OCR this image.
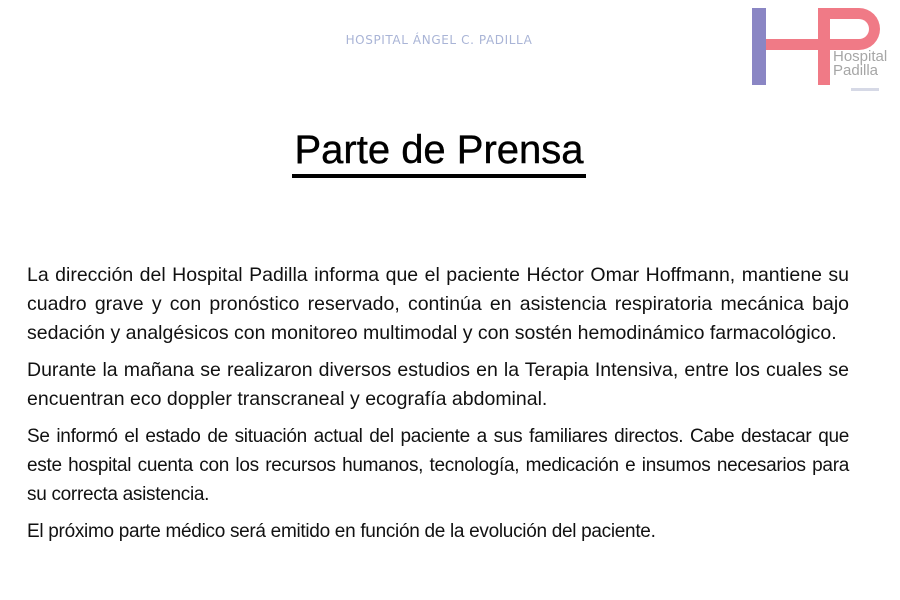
HOSPITAL ÁNGEL C. PADILLA
Hospital
Padilla
Parte de Prensa

La dirección del Hospital Padilla informa que el paciente Héctor Omar Hoffmann, mantiene su cuadro grave y con pronóstico reservado, continúa en asistencia respiratoria mecánica bajo sedación y analgésicos con monitoreo multimodal y con sostén hemodinámico farmacológico.

Durante la mañana se realizaron diversos estudios en la Terapia Intensiva, entre los cuales se encuentran eco doppler transcraneal y ecografía abdominal.

Se informó el estado de situación actual del paciente a sus familiares directos. Cabe destacar que este hospital cuenta con los recursos humanos, tecnología, medicación e insumos necesarios para su correcta asistencia.

El próximo parte médico será emitido en función de la evolución del paciente.
